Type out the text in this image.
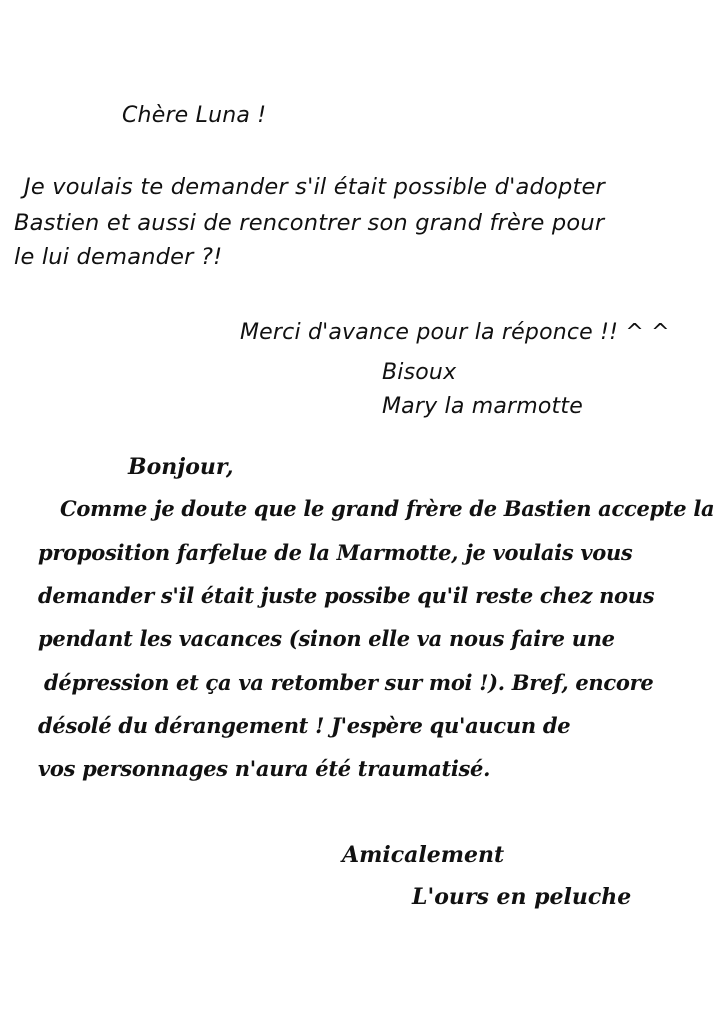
Chère Luna !
Je voulais te demander s'il était possible d'adopter
Bastien et aussi de rencontrer son grand frère pour
le lui demander ?!
Merci d'avance pour la réponce !! ^ ^
Bisoux
Mary la marmotte
Bonjour,
Comme je doute que le grand frère de Bastien accepte la
proposition farfelue de la Marmotte, je voulais vous
demander s'il était juste possibe qu'il reste chez nous
pendant les vacances (sinon elle va nous faire une
dépression et ça va retomber sur moi !). Bref, encore
désolé du dérangement ! J'espère qu'aucun de
vos personnages n'aura été traumatisé.
Amicalement
L'ours en peluche
